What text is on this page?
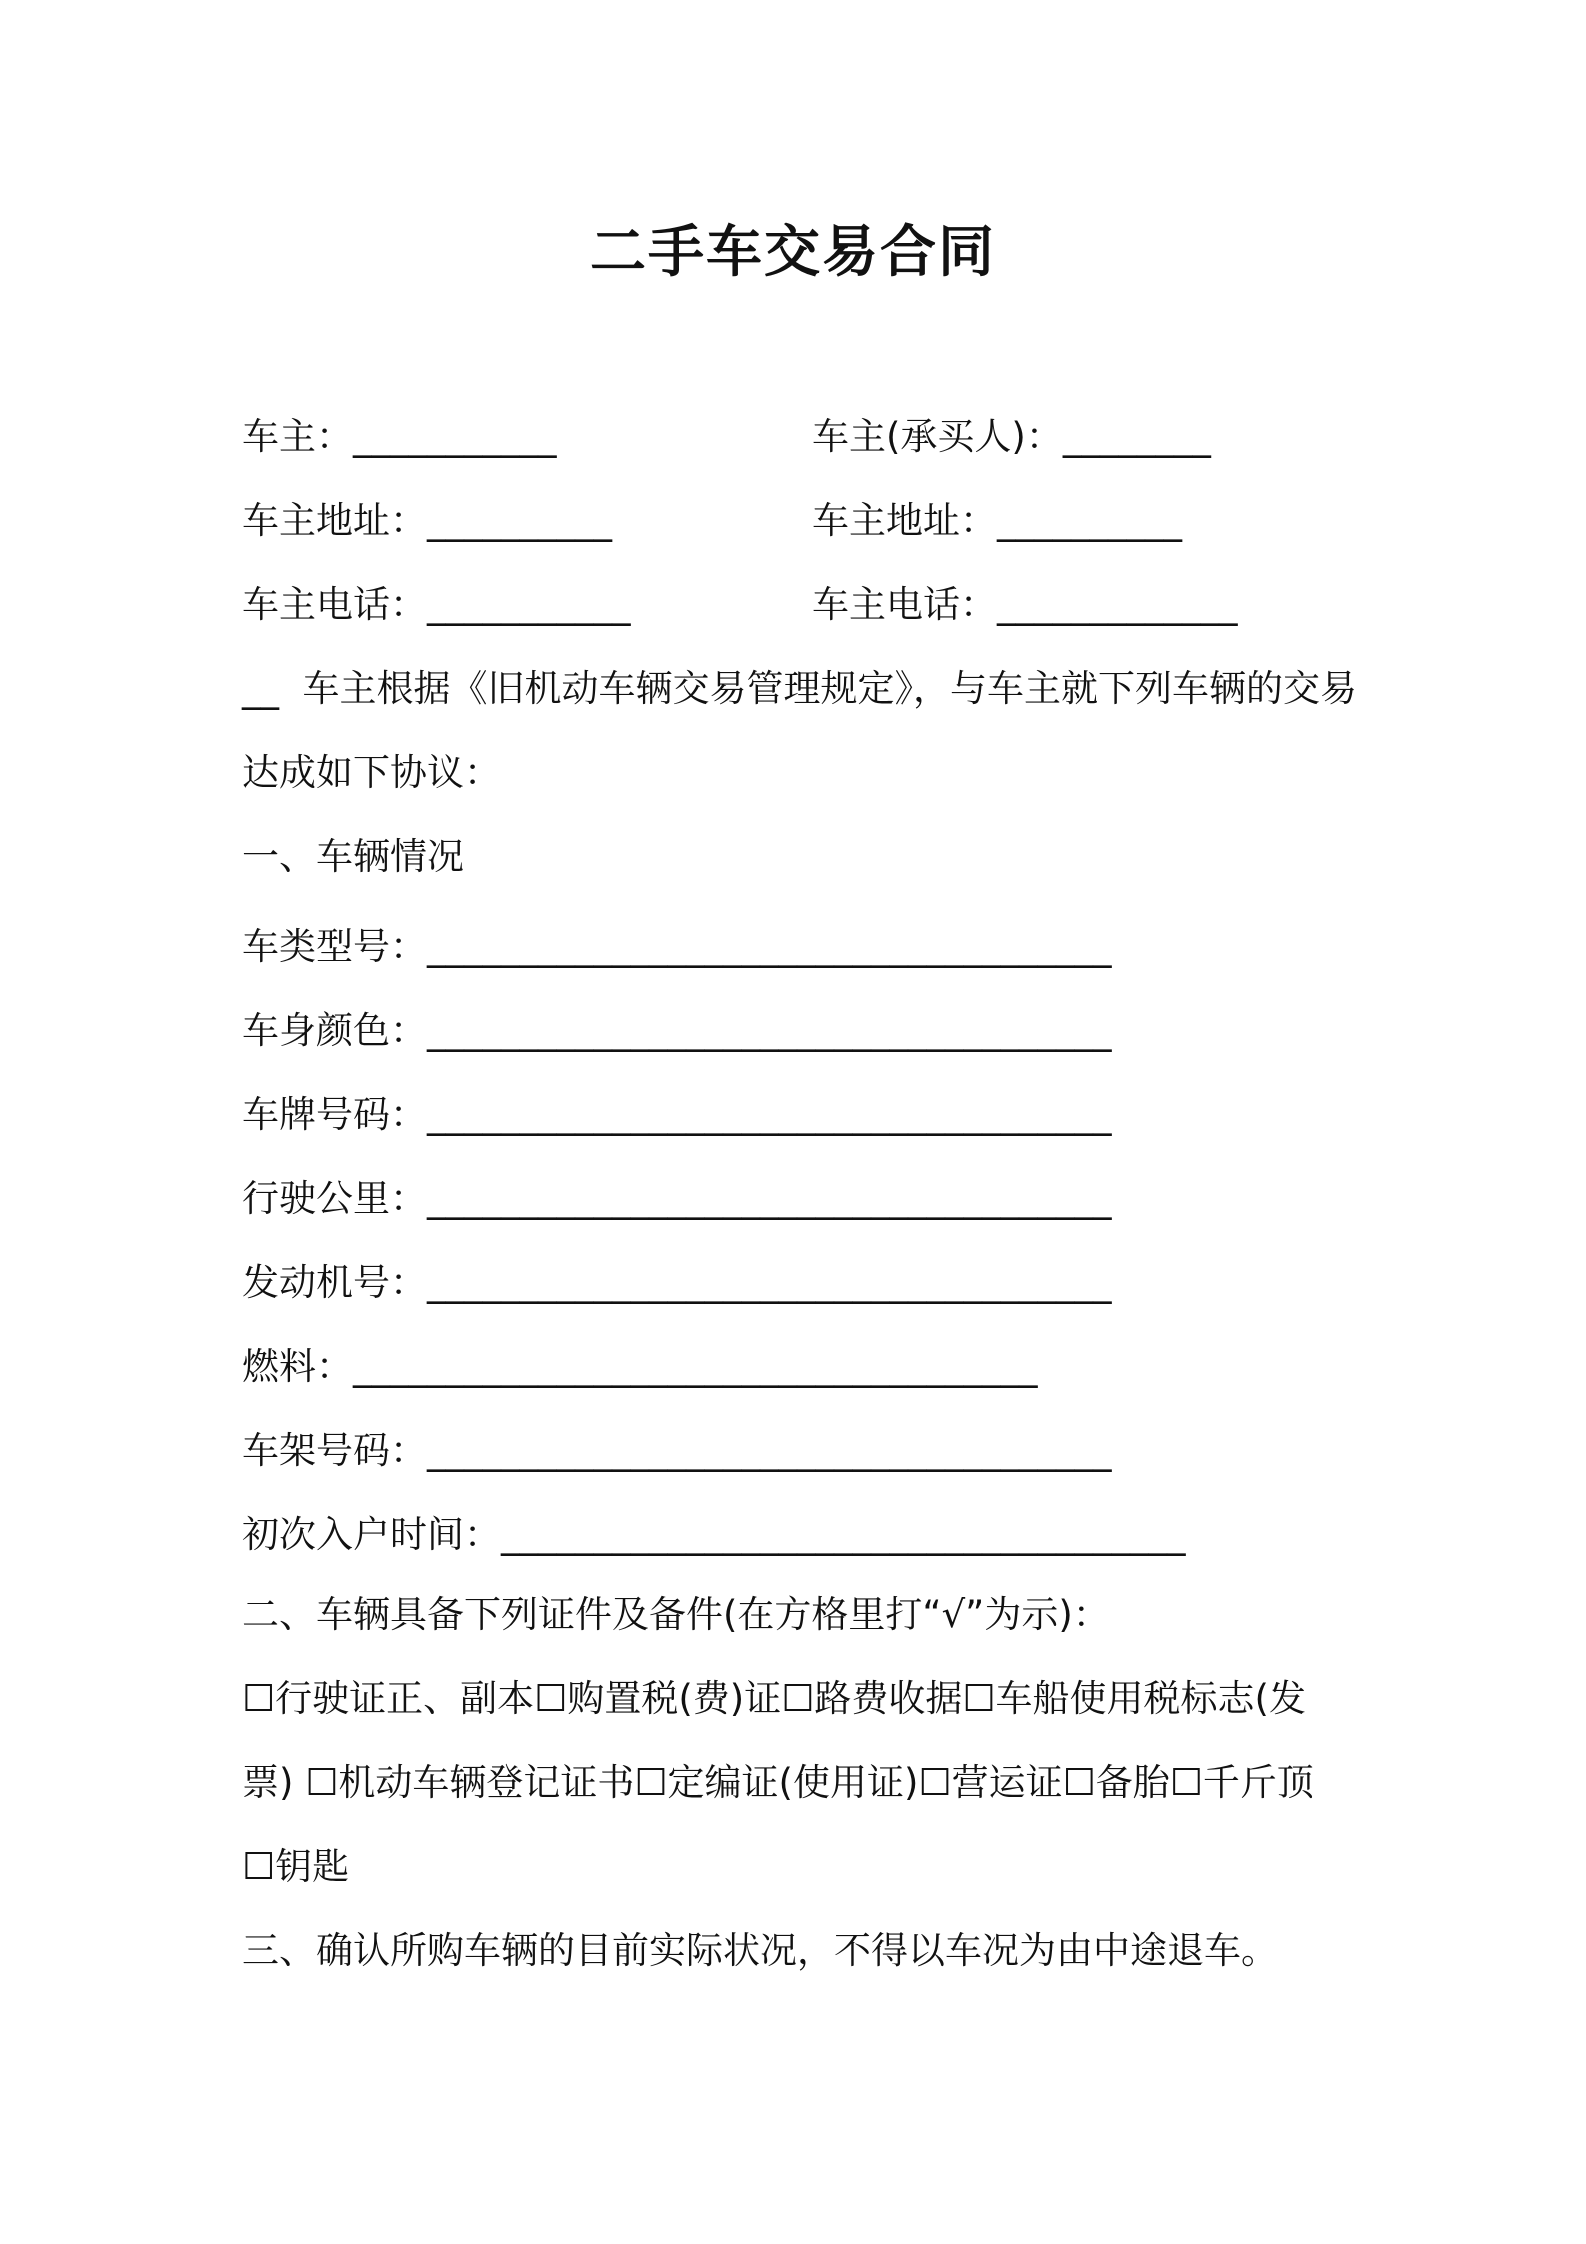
二手车交易合同

车主：___________	车主(承买人)：________

车主地址：__________	车主地址：__________

车主电话：___________	车主电话：_____________

__  车主根据《旧机动车辆交易管理规定》，与车主就下列车辆的交易

达成如下协议：

一、车辆情况

车类型号：_____________________________________

车身颜色：_____________________________________

车牌号码：_____________________________________

行驶公里：_____________________________________

发动机号：_____________________________________

燃料：_____________________________________

车架号码：_____________________________________

初次入户时间：_____________________________________

二、车辆具备下列证件及备件(在方格里打“√”为示)：

☐行驶证正、副本☐购置税(费)证☐路费收据☐车船使用税标志(发

票) ☐机动车辆登记证书☐定编证(使用证)☐营运证☐备胎☐千斤顶

☐钥匙

三、确认所购车辆的目前实际状况，不得以车况为由中途退车。
